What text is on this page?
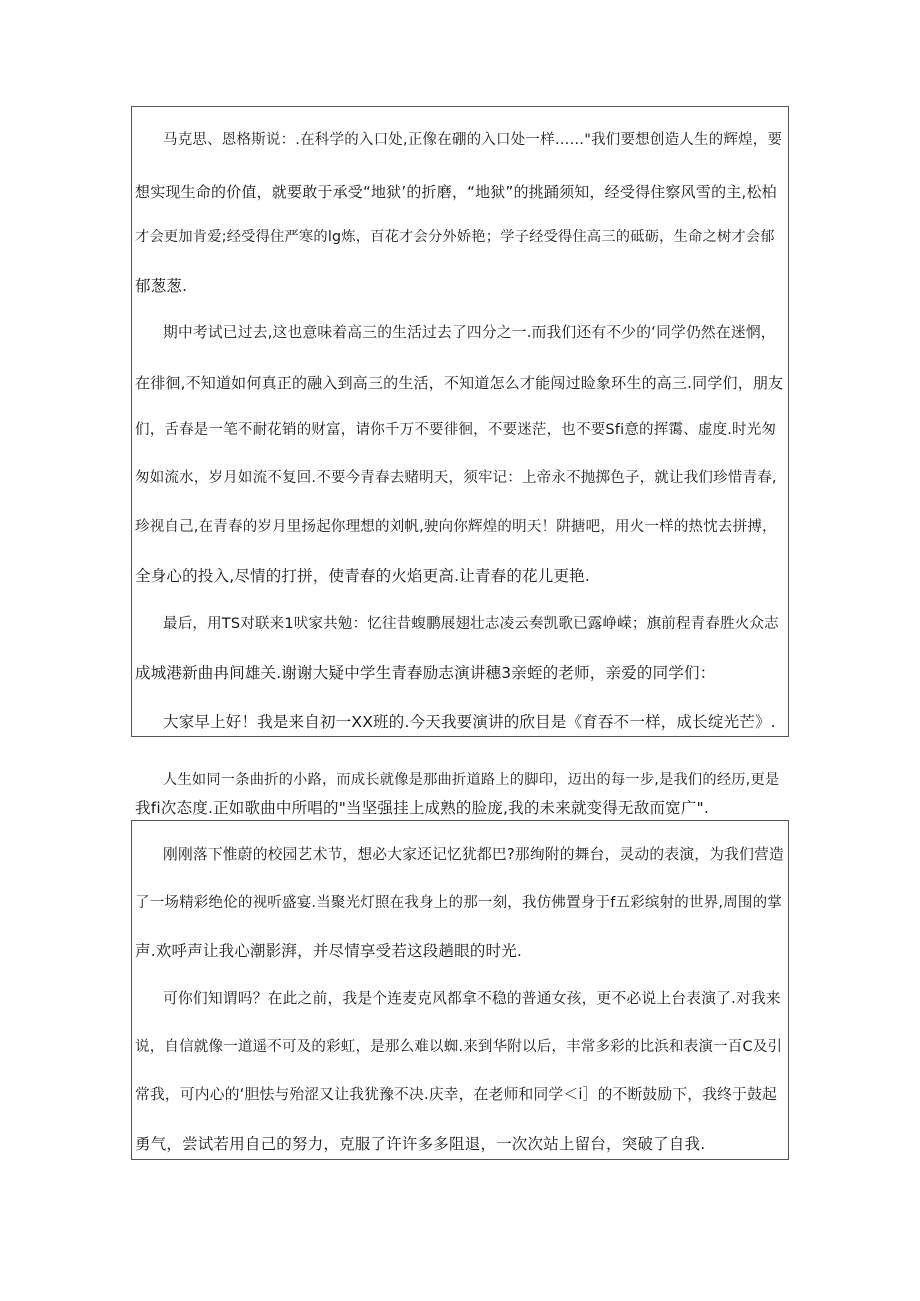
马克思、恩格斯说：.在科学的入口处,正像在硼的入口处一样……"我们要想创造人生的辉煌，要
想实现生命的价值，就要敢于承受“地狱’的折磨，“地狱”的挑踊须知，经受得住察风雪的主,松柏
才会更加肯爱;经受得住严寒的lg炼，百花才会分外娇艳；学子经受得住高三的砥砺，生命之树才会郁
郁葱葱.
期中考试已过去,这也意味着高三的生活过去了四分之一.而我们还有不少的‘同学仍然在迷惘，
在徘徊,不知道如何真正的融入到高三的生活，不知道怎么才能闯过睑象环生的高三.同学们，朋友
们，舌春是一笔不耐花销的财富，请你千万不要徘徊，不要迷茫，也不要Sfi意的挥霭、虚度.时光匆
匆如流水，岁月如流不复回.不要今青春去赌明天，须牢记：上帝永不抛掷色子，就让我们珍惜青春,
珍视自己,在青春的岁月里扬起你理想的刘帆,驶向你辉煌的明天！阱搪吧，用火一样的热忱去拼搏，
全身心的投入,尽情的打拼，使青春的火焰更高.让青春的花儿更艳.
最后，用TS对联来1吠家共勉：忆往昔蝮鹏展翅壮志凌云奏凯歌已露峥嵘；旗前程青春胜火众志
成城港新曲冉间雄关.谢谢大疑中学生青春励志演讲穗3亲蛭的老师，亲爱的同学们：
大家早上好！我是来自初一XX班的.今天我要演讲的欣目是《育吞不一样，成长绽光芒》.
人生如同一条曲折的小路，而成长就像是那曲折道路上的脚印，迈出的每一步,是我们的经历,更是
我fi次态度.正如歌曲中所唱的"当坚强挂上成熟的脸庞,我的未来就变得无敌而宽广".
刚刚落下惟蔚的校园艺术节，想必大家还记忆犹都巴?那绚附的舞台，灵动的表演，为我们营造
了一场精彩绝伦的视听盛宴.当聚光灯照在我身上的那一刻，我仿佛置身于f五彩缤射的世界,周围的掌
声.欢呼声让我心潮影湃，并尽情享受若这段趟眼的时光.
可你们知谓吗？在此之前，我是个连麦克风都拿不稳的普通女孩，更不必说上台表演了.对我来
说，自信就像一道遥不可及的彩虹，是那么难以蜘.来到华附以后，丰常多彩的比浜和表演一百C及引
常我，可内心的‘胆怯与殆涩又让我犹豫不决.庆幸，在老师和同学＜i］的不断鼓励下，我终于鼓起
勇气，尝试若用自己的努力，克服了许许多多阻退，一次次站上留台，突破了自我.
